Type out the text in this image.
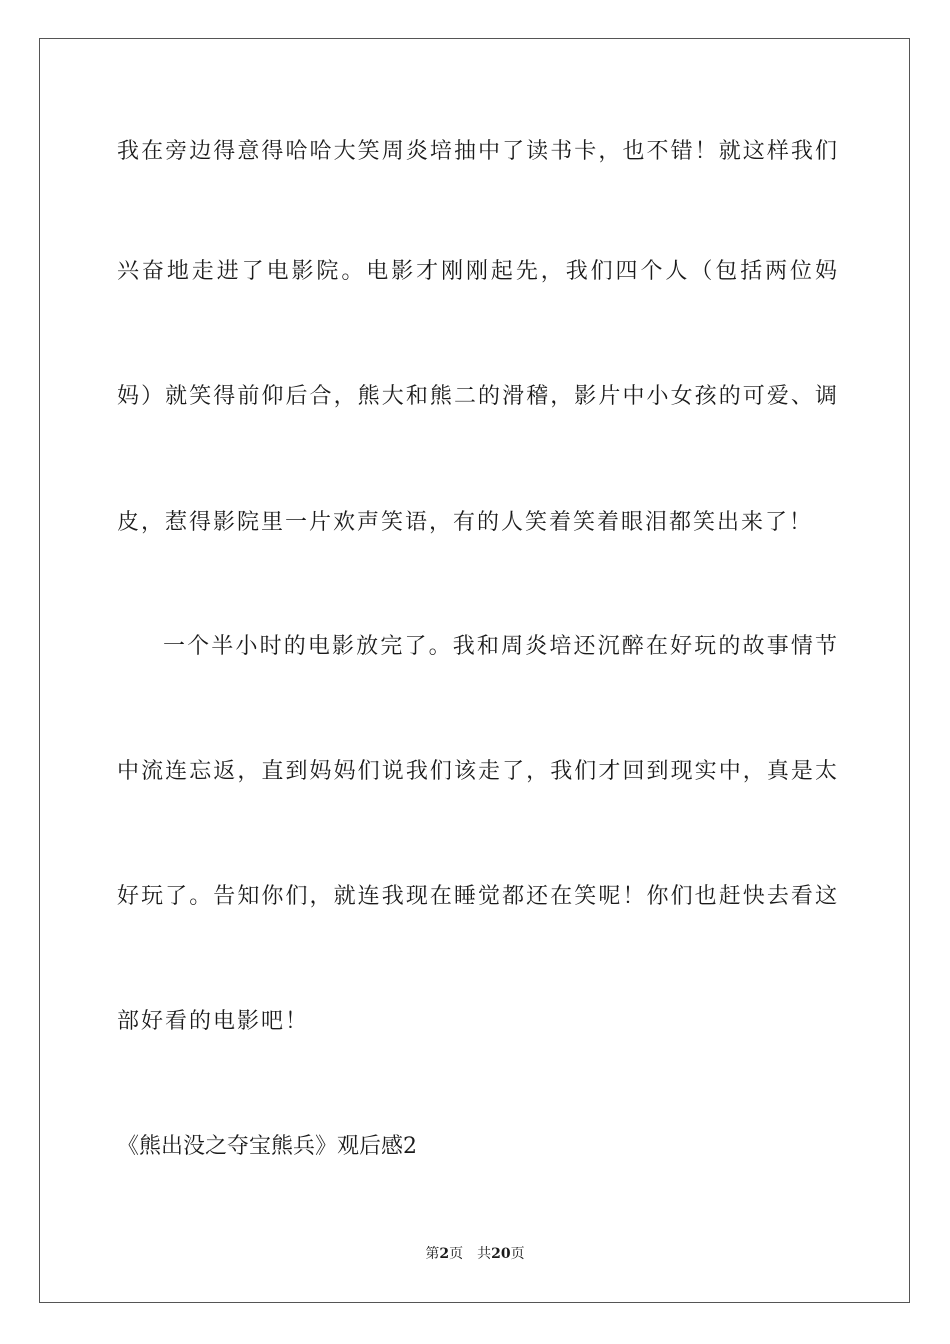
我在旁边得意得哈哈大笑周炎培抽中了读书卡，也不错！就这样我们
兴奋地走进了电影院。电影才刚刚起先，我们四个人（包括两位妈
妈）就笑得前仰后合，熊大和熊二的滑稽，影片中小女孩的可爱、调
皮，惹得影院里一片欢声笑语，有的人笑着笑着眼泪都笑出来了！
一个半小时的电影放完了。我和周炎培还沉醉在好玩的故事情节
中流连忘返，直到妈妈们说我们该走了，我们才回到现实中，真是太
好玩了。告知你们，就连我现在睡觉都还在笑呢！你们也赶快去看这
部好看的电影吧！
《熊出没之夺宝熊兵》观后感2
第2页 共20页
